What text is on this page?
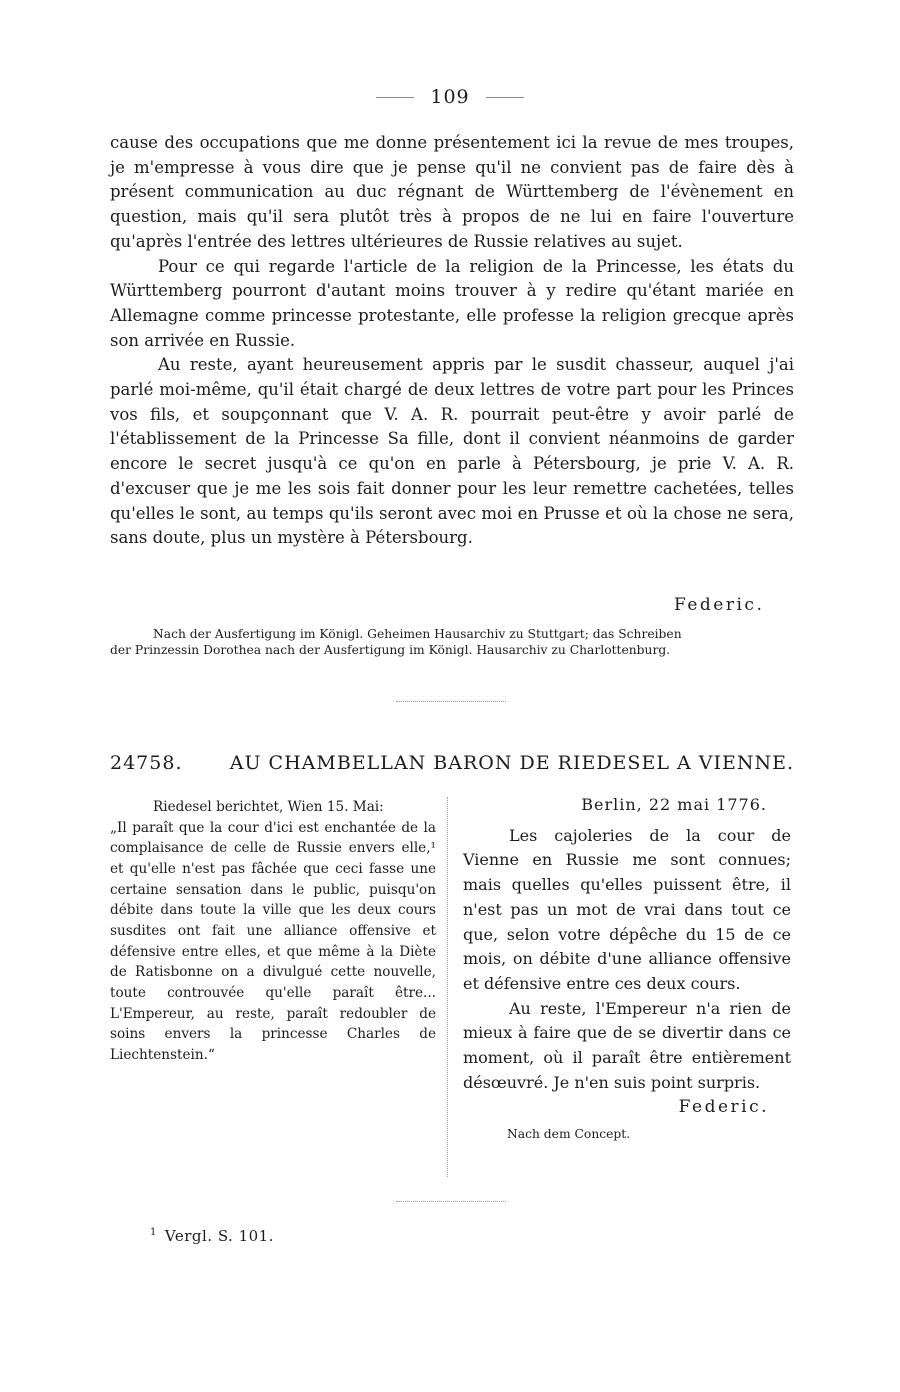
109

cause des occupations que me donne présentement ici la revue de mes troupes, je m'empresse à vous dire que je pense qu'il ne convient pas de faire dès à présent communication au duc régnant de Württemberg de l'évènement en question, mais qu'il sera plutôt très à propos de ne lui en faire l'ouverture qu'après l'entrée des lettres ultérieures de Russie relatives au sujet.

Pour ce qui regarde l'article de la religion de la Princesse, les états du Württemberg pourront d'autant moins trouver à y redire qu'étant mariée en Allemagne comme princesse protestante, elle professe la religion grecque après son arrivée en Russie.

Au reste, ayant heureusement appris par le susdit chasseur, auquel j'ai parlé moi-même, qu'il était chargé de deux lettres de votre part pour les Princes vos fils, et soupçonnant que V. A. R. pourrait peut-être y avoir parlé de l'établissement de la Princesse Sa fille, dont il convient néanmoins de garder encore le secret jusqu'à ce qu'on en parle à Pétersbourg, je prie V. A. R. d'excuser que je me les sois fait donner pour les leur remettre cachetées, telles qu'elles le sont, au temps qu'ils seront avec moi en Prusse et où la chose ne sera, sans doute, plus un mystère à Pétersbourg.

Federic.
Nach der Ausfertigung im Königl. Geheimen Hausarchiv zu Stuttgart; das Schreiben
der Prinzessin Dorothea nach der Ausfertigung im Königl. Hausarchiv zu Charlottenburg.
24758. AU CHAMBELLAN BARON DE RIEDESEL A VIENNE.
Riedesel berichtet, Wien 15. Mai:
„Il paraît que la cour d'ici est enchantée de la complaisance de celle de Russie envers elle,¹ et qu'elle n'est pas fâchée que ceci fasse une certaine sensation dans le public, puisqu'on débite dans toute la ville que les deux cours susdites ont fait une alliance offensive et défensive entre elles, et que même à la Diète de Ratisbonne on a divulgué cette nouvelle, toute controuvée qu'elle paraît être... L'Empereur, au reste, paraît redoubler de soins envers la princesse Charles de Liechtenstein.“
Berlin, 22 mai 1776.

Les cajoleries de la cour de Vienne en Russie me sont connues; mais quelles qu'elles puissent être, il n'est pas un mot de vrai dans tout ce que, selon votre dépêche du 15 de ce mois, on débite d'une alliance offensive et défensive entre ces deux cours.

Au reste, l'Empereur n'a rien de mieux à faire que de se divertir dans ce moment, où il paraît être entièrement désœuvré. Je n'en suis point surpris.

Federic.
Nach dem Concept.
$^1$ Vergl. S. 101.
